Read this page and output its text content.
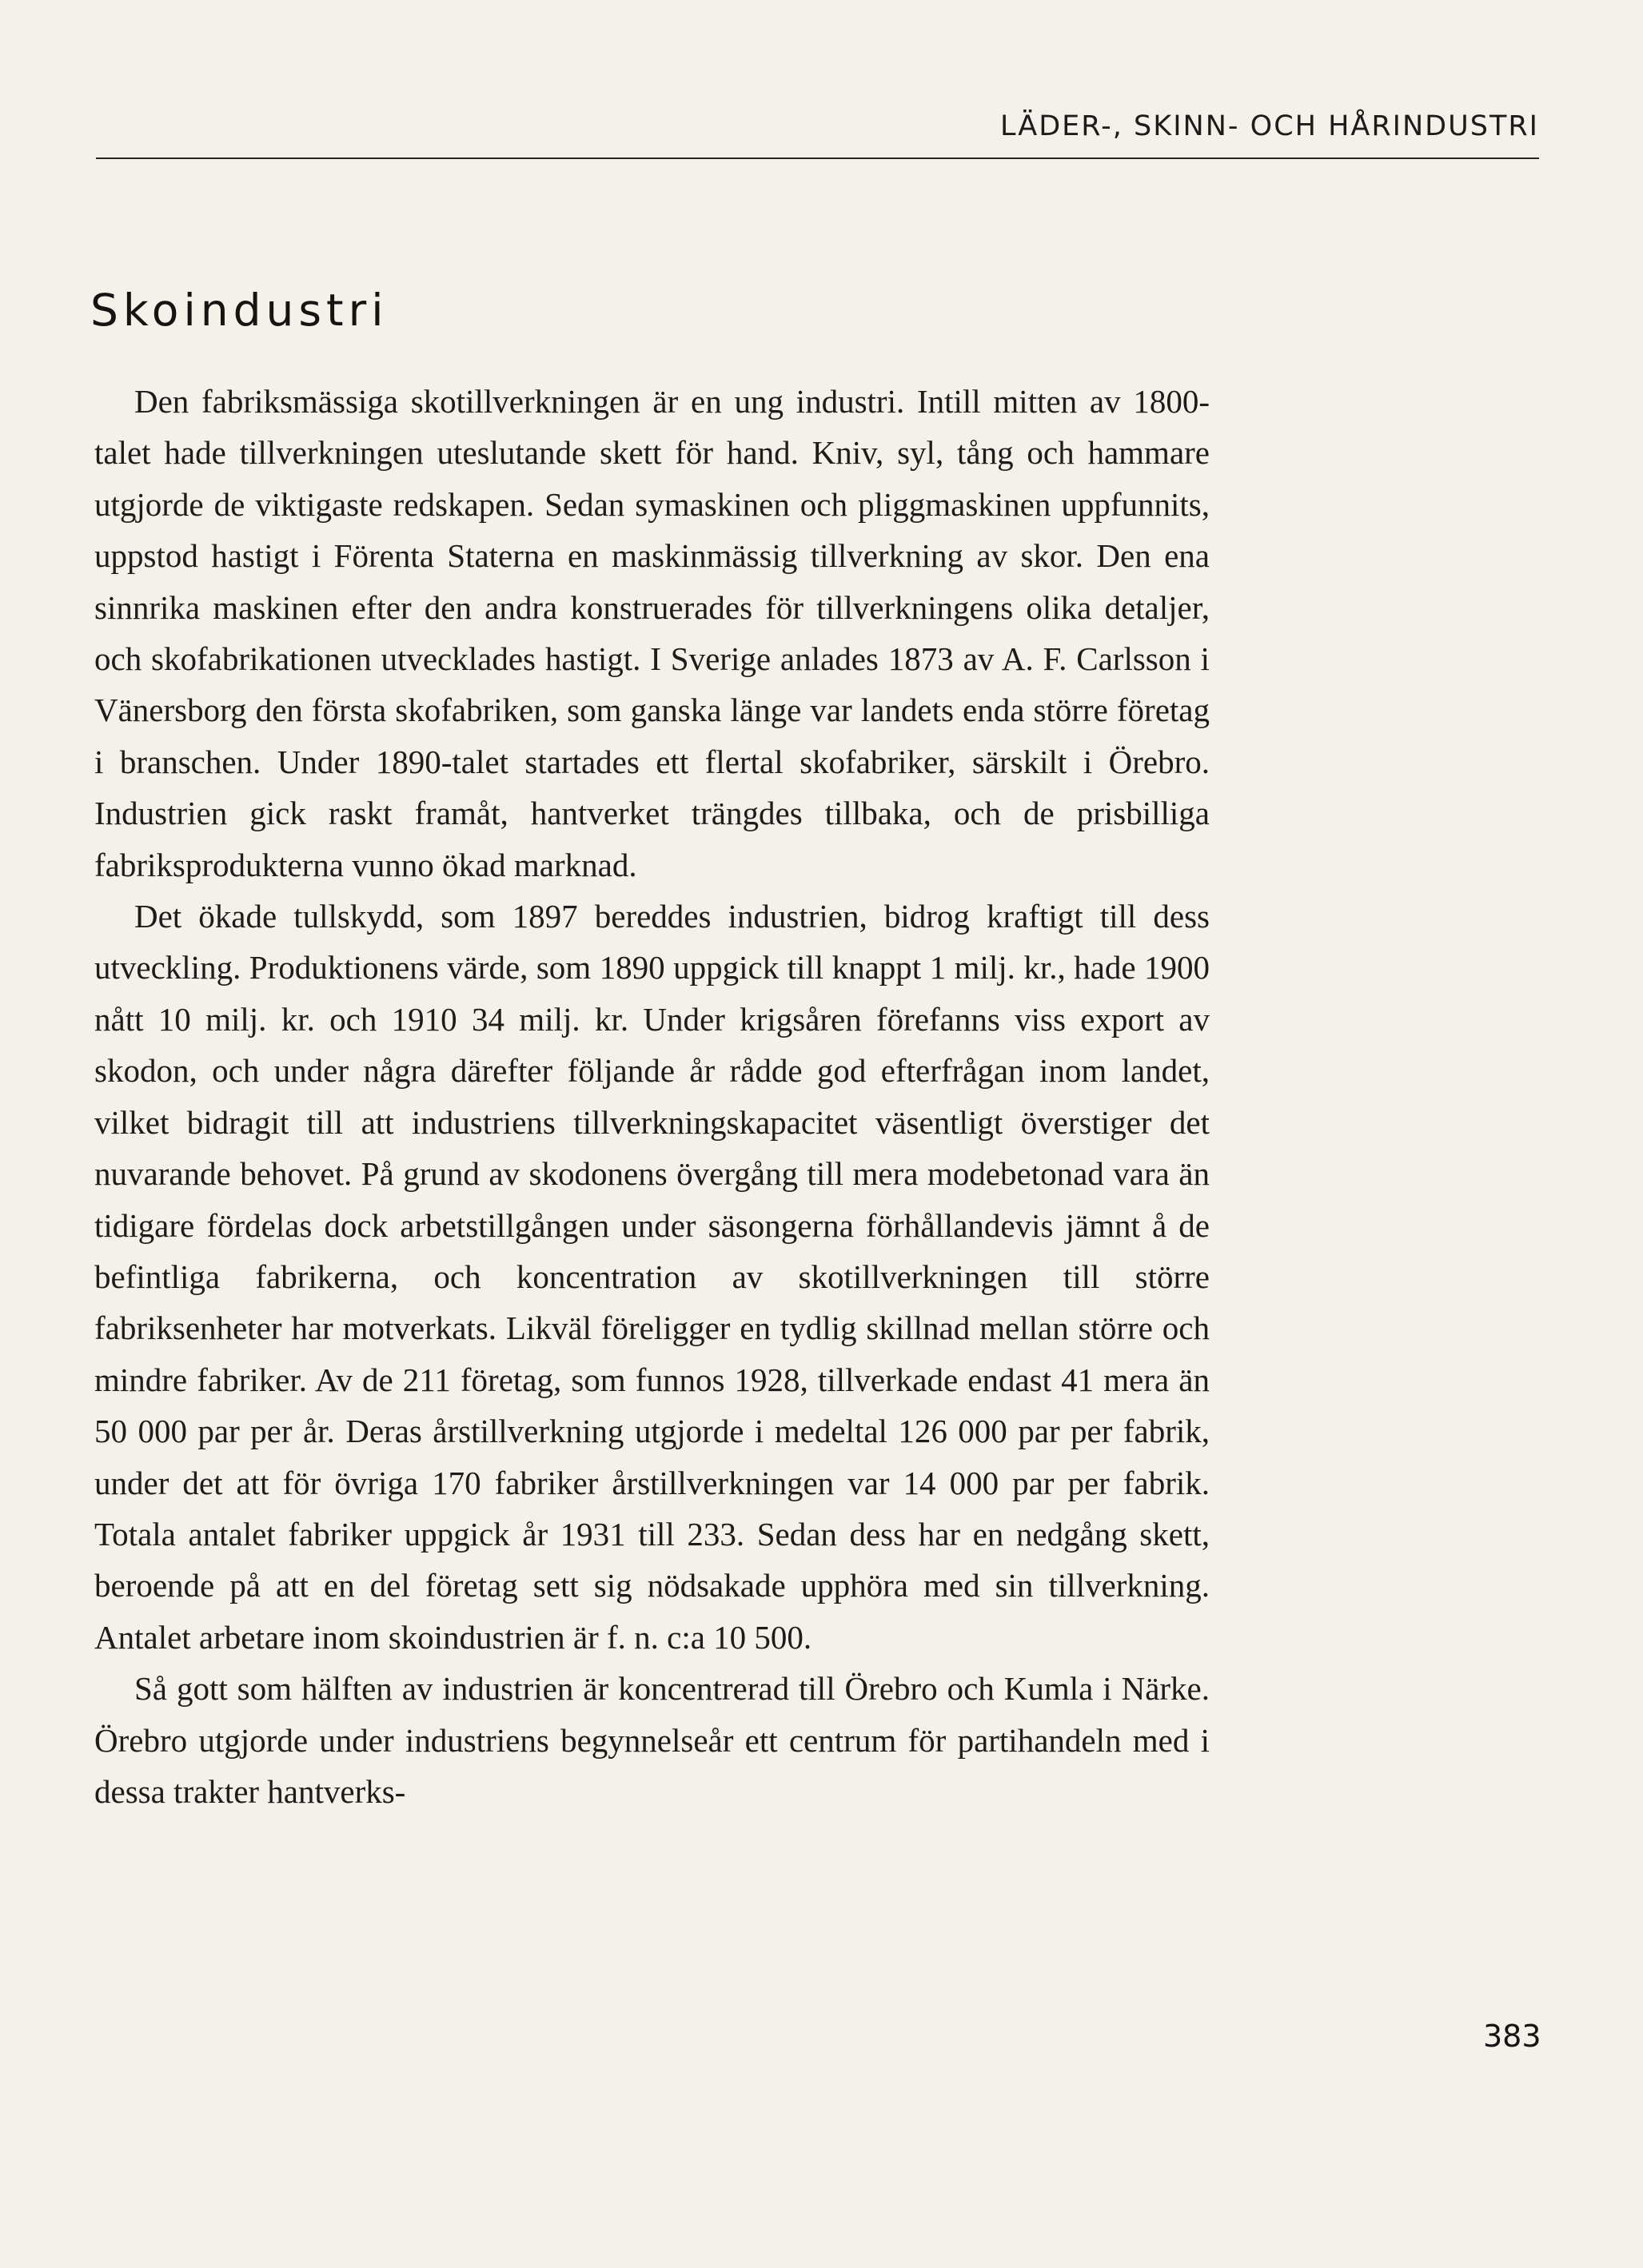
LÄDER-, SKINN- OCH HÅRINDUSTRI
Skoindustri

Den fabriksmässiga skotillverkningen är en ung industri. Intill mitten av 1800-talet hade tillverkningen uteslutande skett för hand. Kniv, syl, tång och hammare utgjorde de viktigaste redskapen. Sedan symaskinen och pliggmaskinen uppfunnits, uppstod hastigt i Förenta Staterna en maskinmässig tillverkning av skor. Den ena sinnrika maskinen efter den andra konstruerades för tillverkningens olika detaljer, och skofabrikationen utvecklades hastigt. I Sverige anlades 1873 av A. F. Carlsson i Vänersborg den första skofabriken, som ganska länge var landets enda större företag i branschen. Under 1890-talet startades ett flertal skofabriker, särskilt i Örebro. Industrien gick raskt framåt, hantverket trängdes tillbaka, och de prisbilliga fabriksprodukterna vunno ökad marknad.

Det ökade tullskydd, som 1897 bereddes industrien, bidrog kraftigt till dess utveckling. Produktionens värde, som 1890 uppgick till knappt 1 milj. kr., hade 1900 nått 10 milj. kr. och 1910 34 milj. kr. Under krigsåren förefanns viss export av skodon, och under några därefter följande år rådde god efterfrågan inom landet, vilket bidragit till att industriens tillverkningskapacitet väsentligt överstiger det nuvarande behovet. På grund av skodonens övergång till mera modebetonad vara än tidigare fördelas dock arbetstillgången under säsongerna förhållandevis jämnt å de befintliga fabrikerna, och koncentration av skotillverkningen till större fabriksenheter har motverkats. Likväl föreligger en tydlig skillnad mellan större och mindre fabriker. Av de 211 företag, som funnos 1928, tillverkade endast 41 mera än 50 000 par per år. Deras årstillverkning utgjorde i medeltal 126 000 par per fabrik, under det att för övriga 170 fabriker årstillverkningen var 14 000 par per fabrik. Totala antalet fabriker uppgick år 1931 till 233. Sedan dess har en nedgång skett, beroende på att en del företag sett sig nödsakade upphöra med sin tillverkning. Antalet arbetare inom skoindustrien är f. n. c:a 10 500.

Så gott som hälften av industrien är koncentrerad till Örebro och Kumla i Närke. Örebro utgjorde under industriens begynnelseår ett centrum för partihandeln med i dessa trakter hantverks-

383
